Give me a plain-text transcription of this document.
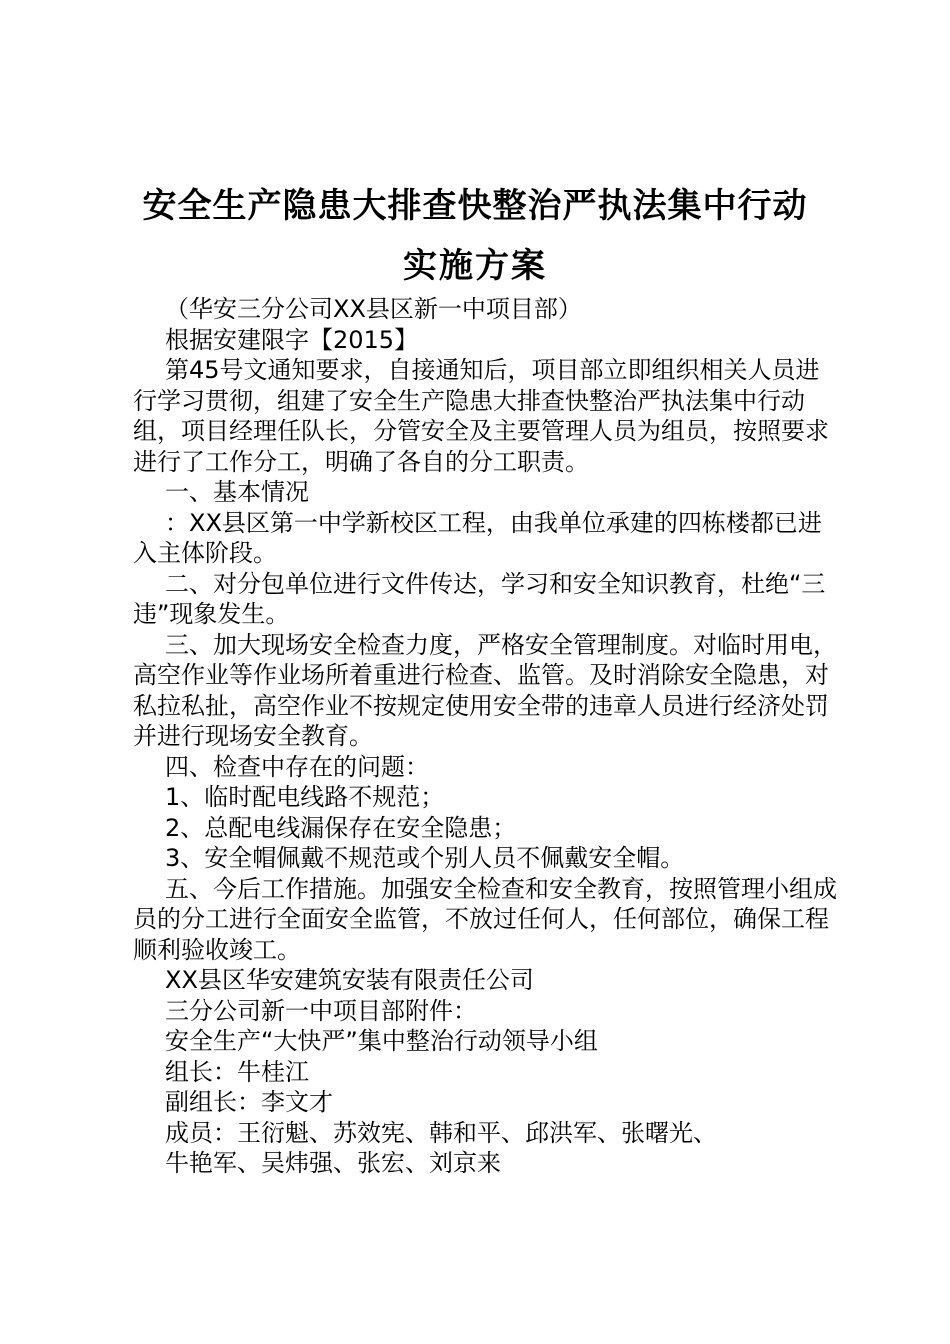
安全生产隐患大排查快整治严执法集中行动
实施方案

（华安三分公司XX县区新一中项目部）

根据安建限字【2015】

第45号文通知要求，自接通知后，项目部立即组织相关人员进行学习贯彻，组建了安全生产隐患大排查快整治严执法集中行动组，项目经理任队长，分管安全及主要管理人员为组员，按照要求进行了工作分工，明确了各自的分工职责。

一、基本情况

：XX县区第一中学新校区工程，由我单位承建的四栋楼都已进入主体阶段。

二、对分包单位进行文件传达，学习和安全知识教育，杜绝“三违”现象发生。

三、加大现场安全检查力度，严格安全管理制度。对临时用电，高空作业等作业场所着重进行检查、监管。及时消除安全隐患，对私拉私扯，高空作业不按规定使用安全带的违章人员进行经济处罚并进行现场安全教育。

四、检查中存在的问题：

1、临时配电线路不规范；

2、总配电线漏保存在安全隐患；

3、安全帽佩戴不规范或个别人员不佩戴安全帽。

五、今后工作措施。加强安全检查和安全教育，按照管理小组成员的分工进行全面安全监管，不放过任何人，任何部位，确保工程顺利验收竣工。

XX县区华安建筑安装有限责任公司

三分公司新一中项目部附件：

安全生产“大快严”集中整治行动领导小组

组长：牛桂江

副组长：李文才

成员：王衍魁、苏效宪、韩和平、邱洪军、张曙光、

牛艳军、吴炜强、张宏、刘京来
